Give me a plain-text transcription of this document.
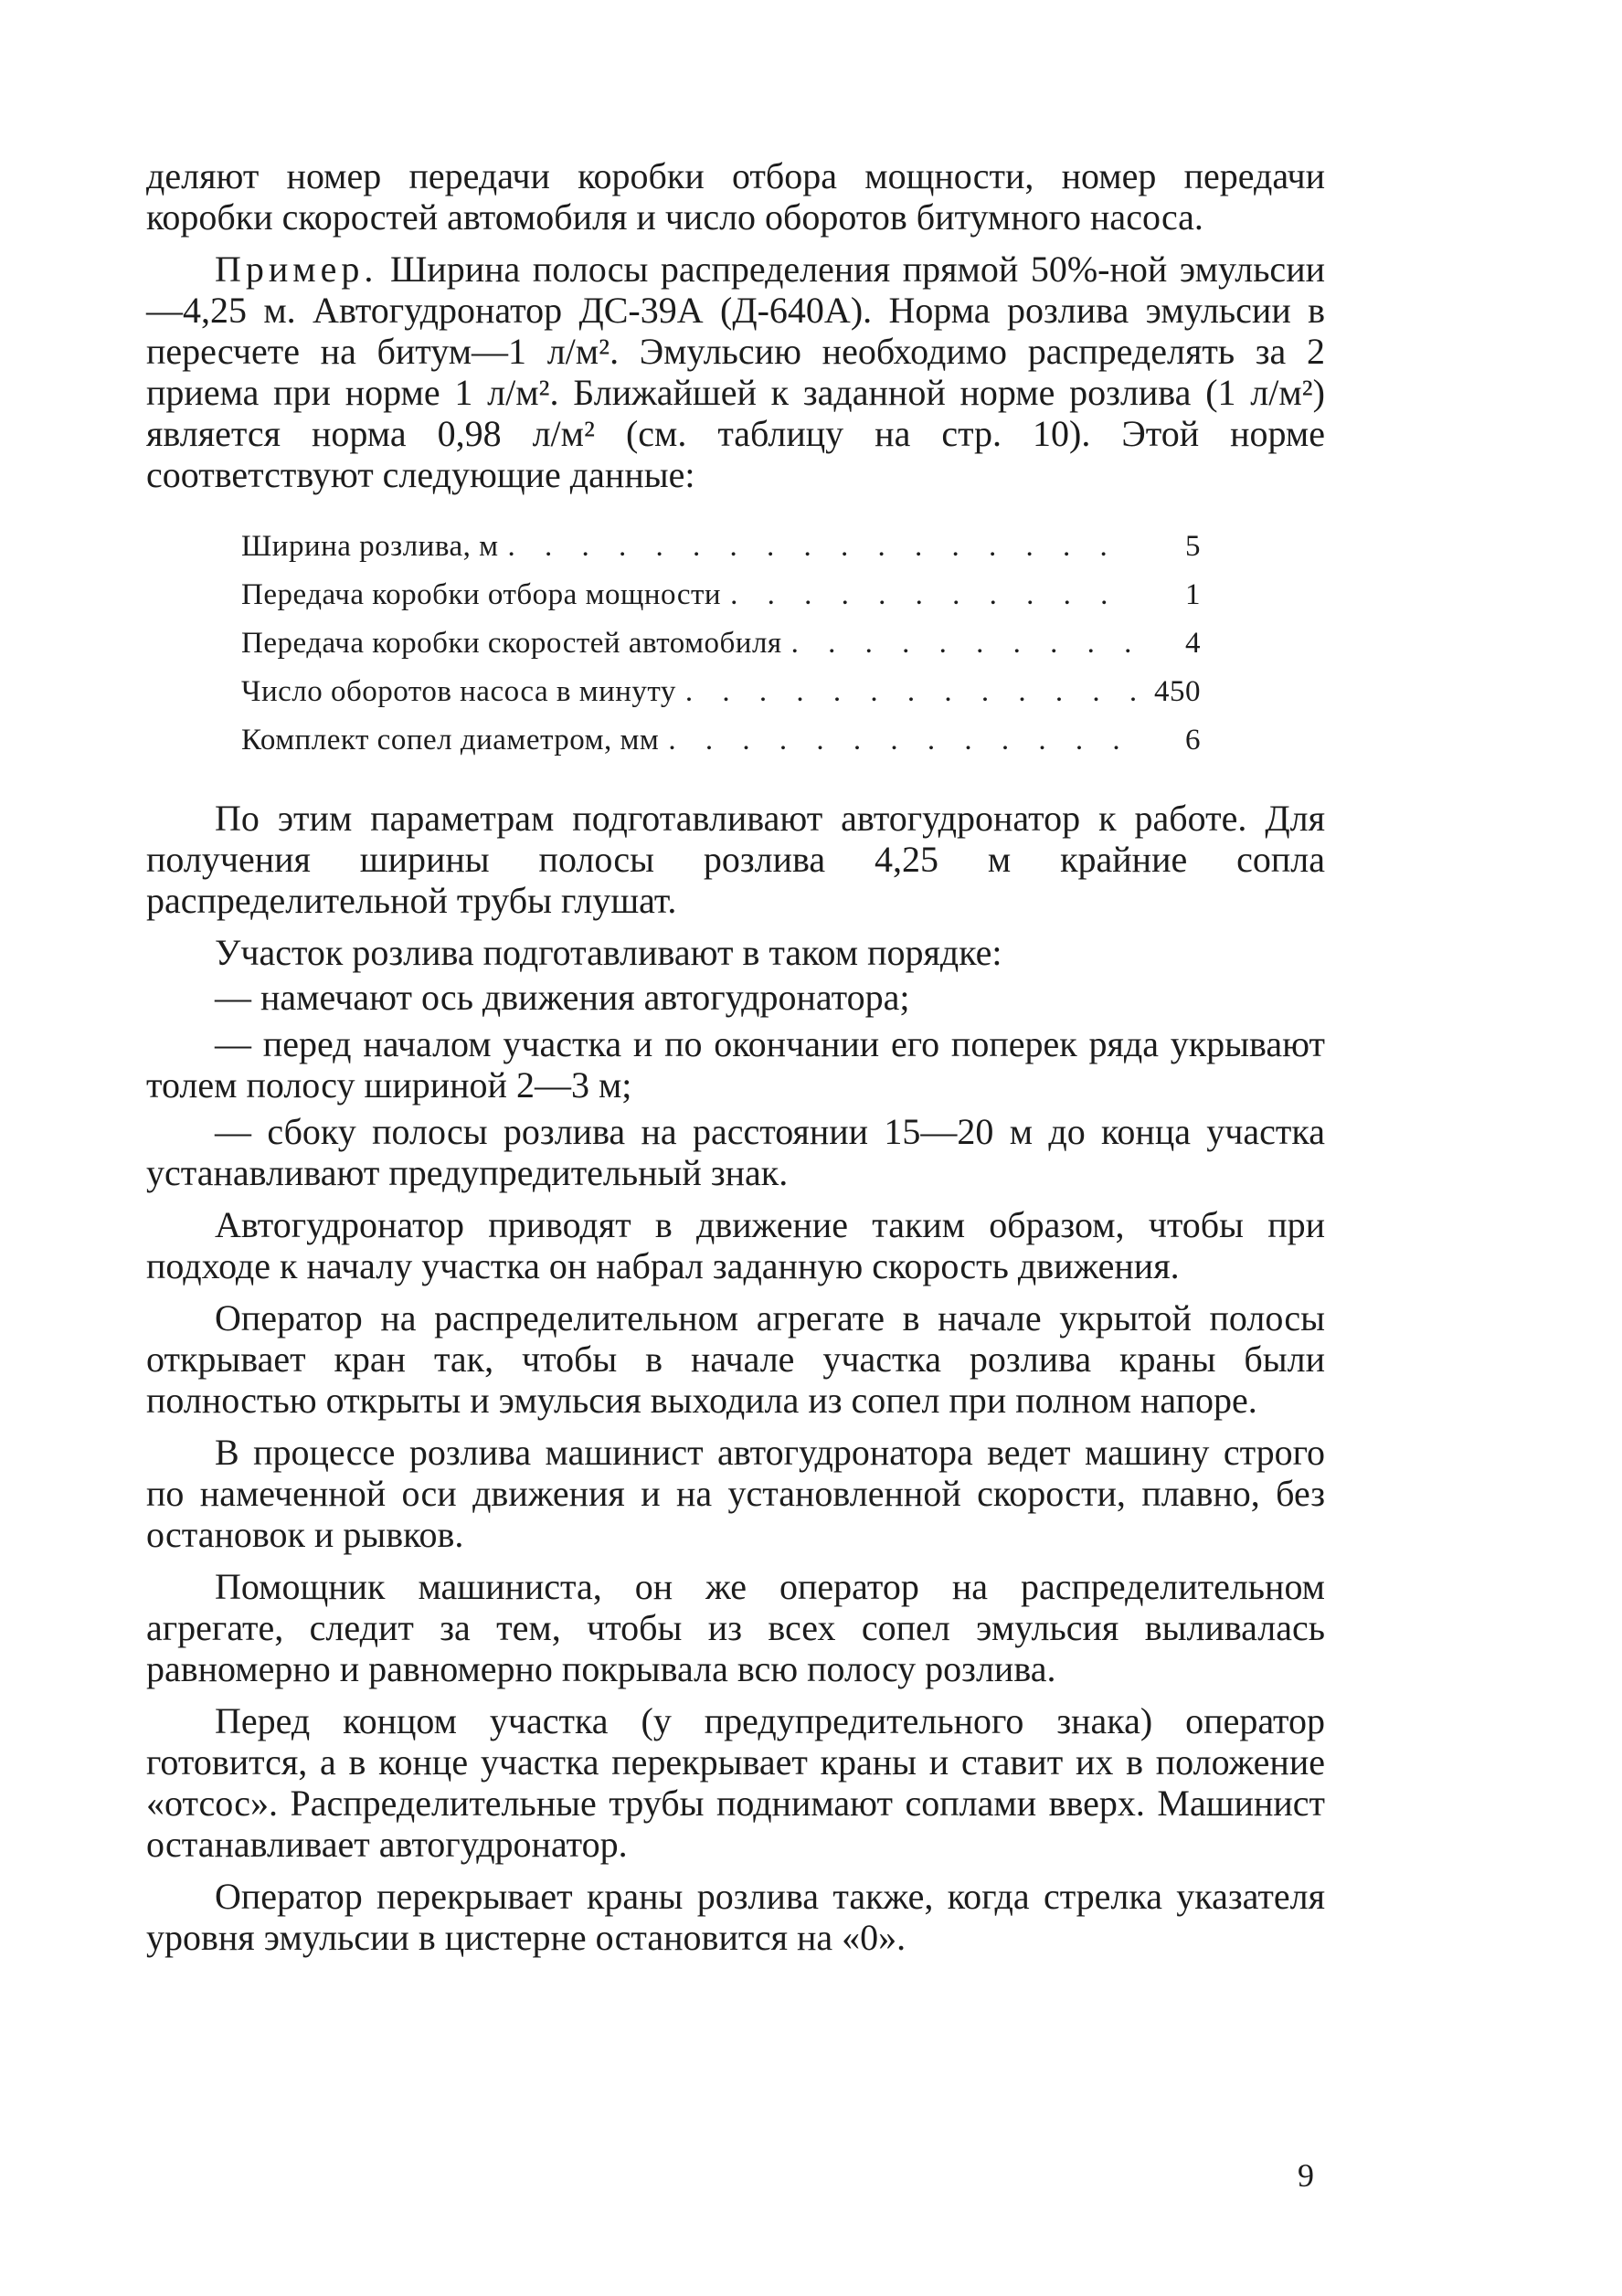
деляют номер передачи коробки отбора мощности, номер передачи коробки скоростей автомобиля и число оборотов битумного насоса.

Пример. Ширина полосы распределения прямой 50%-ной эмульсии—4,25 м. Автогудронатор ДС-39А (Д-640А). Норма розлива эмульсии в пересчете на битум—1 л/м². Эмульсию необходимо распределять за 2 приема при норме 1 л/м². Ближайшей к заданной норме розлива (1 л/м²) является норма 0,98 л/м² (см. таблицу на стр. 10). Этой норме соответствуют следующие данные:

Ширина розлива, м . . .	5
Передача коробки отбора мощности . . .	1
Передача коробки скоростей автомобиля . . .	4
Число оборотов насоса в минуту . . .	450
Комплект сопел диаметром, мм . . .	6

По этим параметрам подготавливают автогудронатор к работе. Для получения ширины полосы розлива 4,25 м крайние сопла распределительной трубы глушат.

Участок розлива подготавливают в таком порядке:

— намечают ось движения автогудронатора;

— перед началом участка и по окончании его поперек ряда укрывают толем полосу шириной 2—3 м;

— сбоку полосы розлива на расстоянии 15—20 м до конца участка устанавливают предупредительный знак.

Автогудронатор приводят в движение таким образом, чтобы при подходе к началу участка он набрал заданную скорость движения.

Оператор на распределительном агрегате в начале укрытой полосы открывает кран так, чтобы в начале участка розлива краны были полностью открыты и эмульсия выходила из сопел при полном напоре.

В процессе розлива машинист автогудронатора ведет машину строго по намеченной оси движения и на установленной скорости, плавно, без остановок и рывков.

Помощник машиниста, он же оператор на распределительном агрегате, следит за тем, чтобы из всех сопел эмульсия выливалась равномерно и равномерно покрывала всю полосу розлива.

Перед концом участка (у предупредительного знака) оператор готовится, а в конце участка перекрывает краны и ставит их в положение «отсос». Распределительные трубы поднимают соплами вверх. Машинист останавливает автогудронатор.

Оператор перекрывает краны розлива также, когда стрелка указателя уровня эмульсии в цистерне остановится на «0».

9
